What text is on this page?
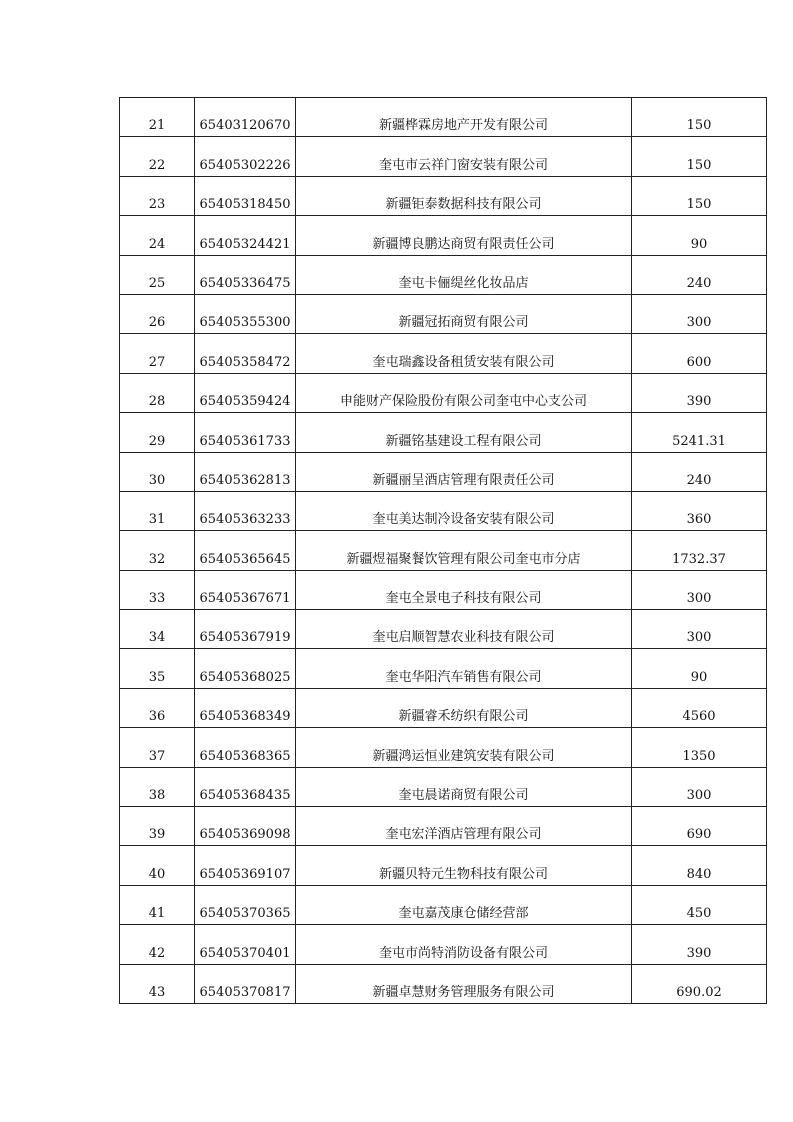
21	65403120670	新疆桦霖房地产开发有限公司	150
22	65405302226	奎屯市云祥门窗安装有限公司	150
23	65405318450	新疆钜泰数据科技有限公司	150
24	65405324421	新疆博良鹏达商贸有限责任公司	90
25	65405336475	奎屯卡俪缇丝化妆品店	240
26	65405355300	新疆冠拓商贸有限公司	300
27	65405358472	奎屯瑞鑫设备租赁安装有限公司	600
28	65405359424	申能财产保险股份有限公司奎屯中心支公司	390
29	65405361733	新疆铭基建设工程有限公司	5241.31
30	65405362813	新疆丽呈酒店管理有限责任公司	240
31	65405363233	奎屯美达制冷设备安装有限公司	360
32	65405365645	新疆煜福聚餐饮管理有限公司奎屯市分店	1732.37
33	65405367671	奎屯全景电子科技有限公司	300
34	65405367919	奎屯启顺智慧农业科技有限公司	300
35	65405368025	奎屯华阳汽车销售有限公司	90
36	65405368349	新疆睿禾纺织有限公司	4560
37	65405368365	新疆鸿运恒业建筑安装有限公司	1350
38	65405368435	奎屯晨诺商贸有限公司	300
39	65405369098	奎屯宏洋酒店管理有限公司	690
40	65405369107	新疆贝特元生物科技有限公司	840
41	65405370365	奎屯嘉茂康仓储经营部	450
42	65405370401	奎屯市尚特消防设备有限公司	390
43	65405370817	新疆卓慧财务管理服务有限公司	690.02
